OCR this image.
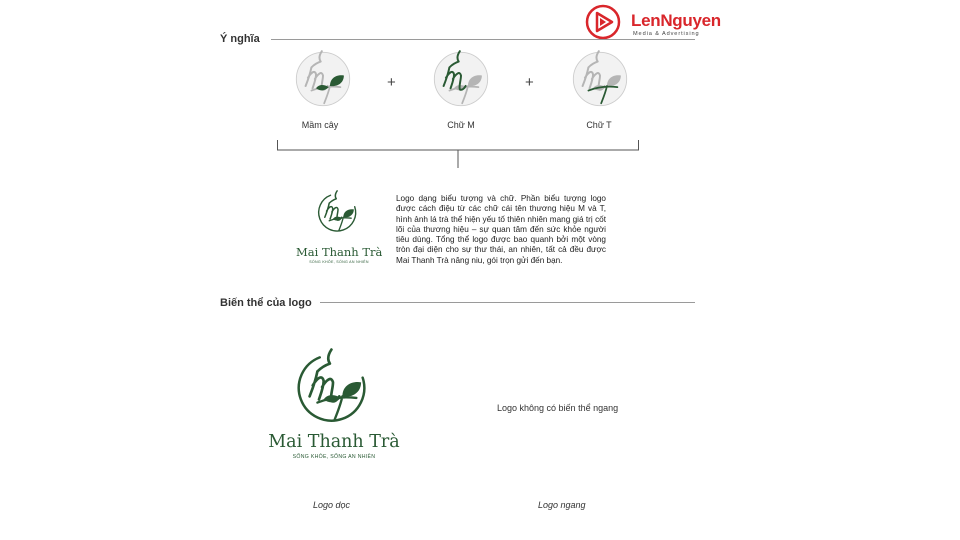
LenNguyen
Media & Advertising
Ý nghĩa
+	+
Mầm cây	Chữ M	Chữ T
Mai Thanh Trà
SỐNG KHỎE, SỐNG AN NHIÊN
Logo dạng biểu tượng và chữ. Phần biểu tượng logo được cách điệu từ các chữ cái tên thương hiệu M và T, hình ảnh lá trà thể hiện yếu tố thiên nhiên mang giá trị cốt lõi của thương hiệu – sự quan tâm đến sức khỏe người tiêu dùng. Tổng thể logo được bao quanh bởi một vòng tròn đại diện cho sự thư thái, an nhiên, tất cả đều được Mai Thanh Trà nâng niu, gói trọn gửi đến bạn.
Biến thể của logo
Mai Thanh Trà
SỐNG KHỎE, SỐNG AN NHIÊN
Logo không có biến thể ngang
Logo dọc	Logo ngang
